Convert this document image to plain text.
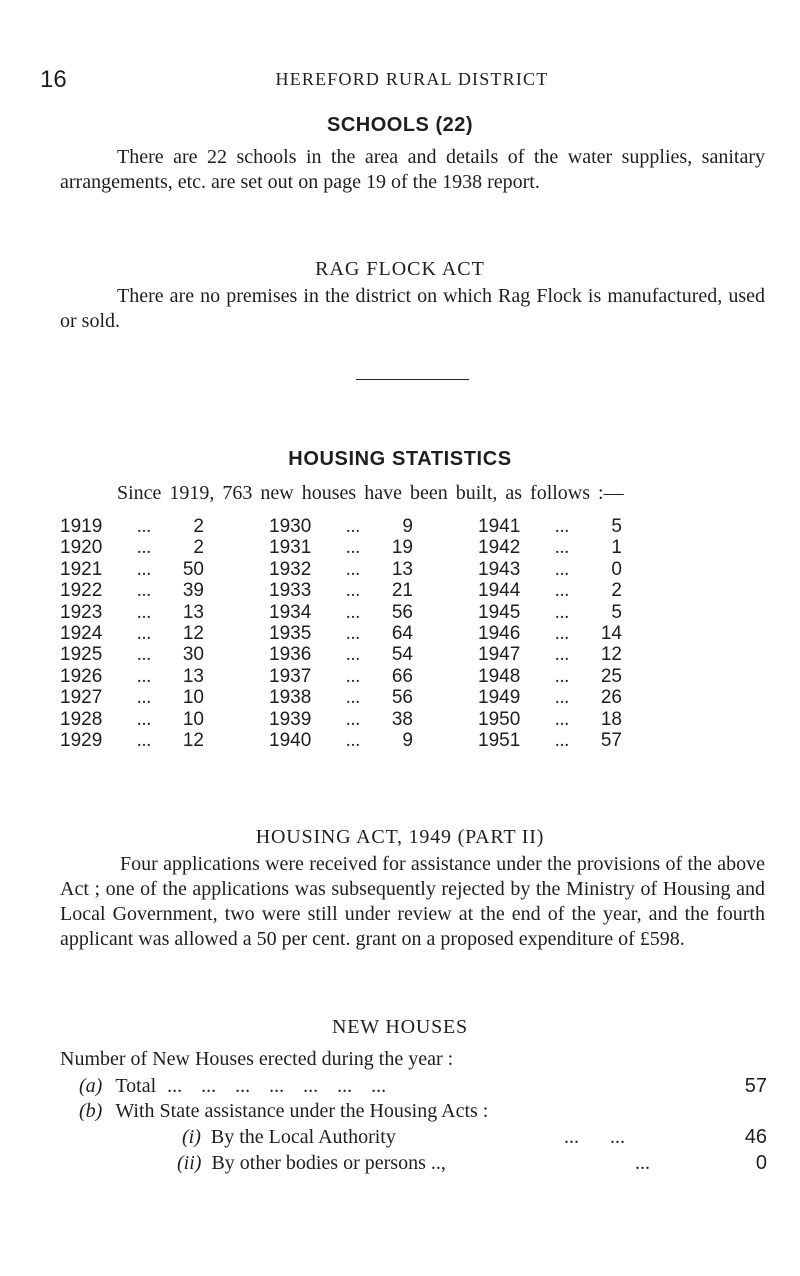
16	HEREFORD RURAL DISTRICT
SCHOOLS (22)
There are 22 schools in the area and details of the water supplies, sanitary arrangements, etc. are set out on page 19 of the 1938 report.
RAG FLOCK ACT
There are no premises in the district on which Rag Flock is manufactured, used or sold.
HOUSING STATISTICS
Since 1919, 763 new houses have been built, as follows :—
1919	...	2		1930	...	9		1941	...	5
1920	...	2		1931	...	19		1942	...	1
1921	...	50		1932	...	13		1943	...	0
1922	...	39		1933	...	21		1944	...	2
1923	...	13		1934	...	56		1945	...	5
1924	...	12		1935	...	64		1946	...	14
1925	...	30		1936	...	54		1947	...	12
1926	...	13		1937	...	66		1948	...	25
1927	...	10		1938	...	56		1949	...	26
1928	...	10		1939	...	38		1950	...	18
1929	...	12		1940	...	9		1951	...	57
HOUSING ACT, 1949 (PART II)
Four applications were received for assistance under the provisions of the above Act ; one of the applications was subsequently rejected by the Ministry of Housing and Local Government, two were still under review at the end of the year, and the fourth applicant was allowed a 50 per cent. grant on a proposed expenditure of £598.
NEW HOUSES
Number of New Houses erected during the year :
(a) Total ... ... ... ... ... ... ...	57
(b) With State assistance under the Housing Acts :
(i) By the Local Authority	... ...	46
(ii) By other bodies or persons ..,	...	0
